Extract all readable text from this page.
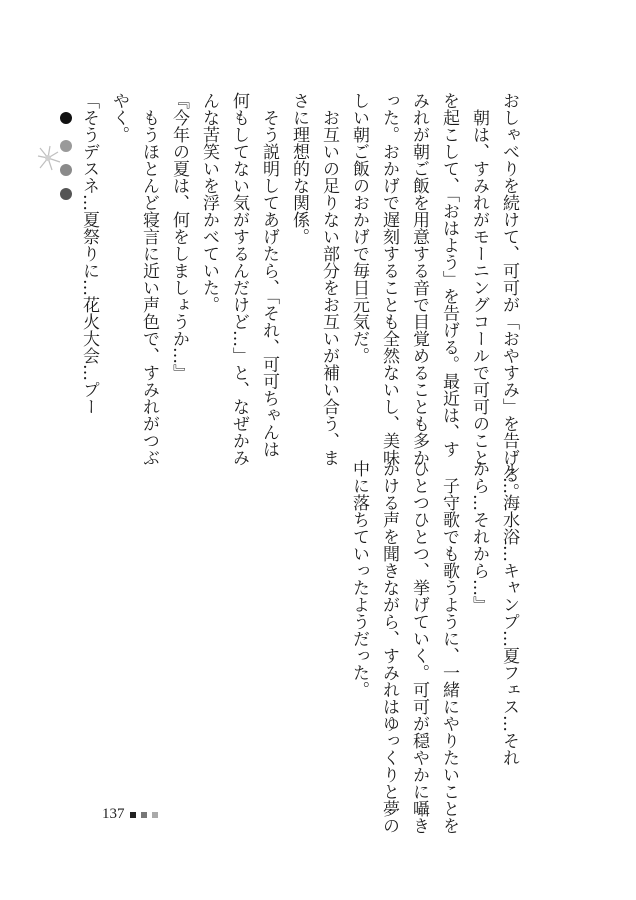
おしゃべりを続けて、可可が「おやすみ」を告げる。

　朝は、すみれがモーニングコールで可可のこと

を起こして、「おはよう」を告げる。最近は、す

みれが朝ご飯を用意する音で目覚めることも多か

った。おかげで遅刻することも全然ないし、美味

しい朝ご飯のおかげで毎日元気だ。

　お互いの足りない部分をお互いが補い合う、ま

さに理想的な関係。

　そう説明してあげたら、「それ、可可ちゃんは

何もしてない気がするんだけど…」と、なぜかみ

んな苦笑いを浮かべていた。

『今年の夏は、何をしましょうか…』

　もうほとんど寝言に近い声色で、すみれがつぶ

やく。

「そうデスネ…夏祭りに…花火大会…プー

ル…海水浴…キャンプ…夏フェス…それ

から…それから…』

　子守歌でも歌うように、一緒にやりたいことを

ひとつひとつ、挙げていく。可可が穏やかに囁き

かける声を聞きながら、すみれはゆっくりと夢の

中に落ちていったようだった。

137
